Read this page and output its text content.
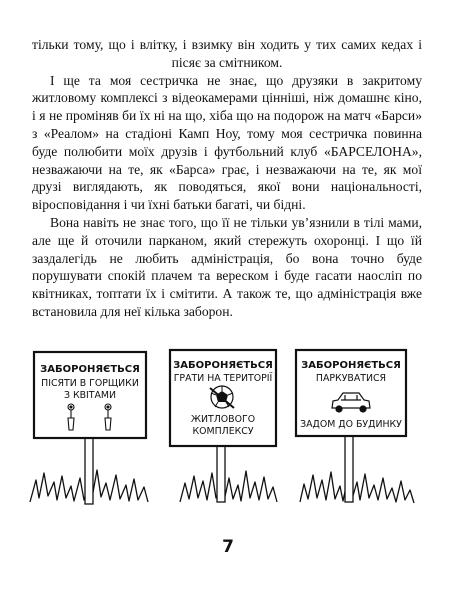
тільки тому, що і влітку, і взимку він ходить у тих самих кедах і пісяє за смітником.

І ще та моя сестричка не знає, що друзяки в закритому житловому комплексі з відеокамерами цінніші, ніж домашнє кіно, і я не проміняв би їх ні на що, хіба що на подорож на матч «Барси» з «Реалом» на стадіоні Камп Ноу, тому моя сестричка повинна буде полюбити моїх друзів і футбольний клуб «БАРСЕЛОНА», незважаючи на те, як «Барса» грає, і незважаючи на те, як мої друзі виглядають, як поводяться, якої вони національності, віросповідання і чи їхні батьки багаті, чи бідні.

Вона навіть не знає того, що її не тільки ув’язнили в тілі мами, але ще й оточили парканом, який стережуть охоронці. І що їй заздалегідь не любить адміністрація, бо вона точно буде порушувати спокій плачем та вереском і буде гасати наосліп по квітниках, топтати їх і смітити. А також те, що адміністрація вже встановила для неї кілька заборон.

ЗАБОРОНЯЄТЬСЯ
ПІСЯТИ В ГОРЩИКИ
З КВІТАМИ
ЗАБОРОНЯЄТЬСЯ
ГРАТИ НА ТЕРИТОРІЇ
ЖИТЛОВОГО
КОМПЛЕКСУ
ЗАБОРОНЯЄТЬСЯ
ПАРКУВАТИСЯ
ЗАДОМ ДО БУДИНКУ
7
